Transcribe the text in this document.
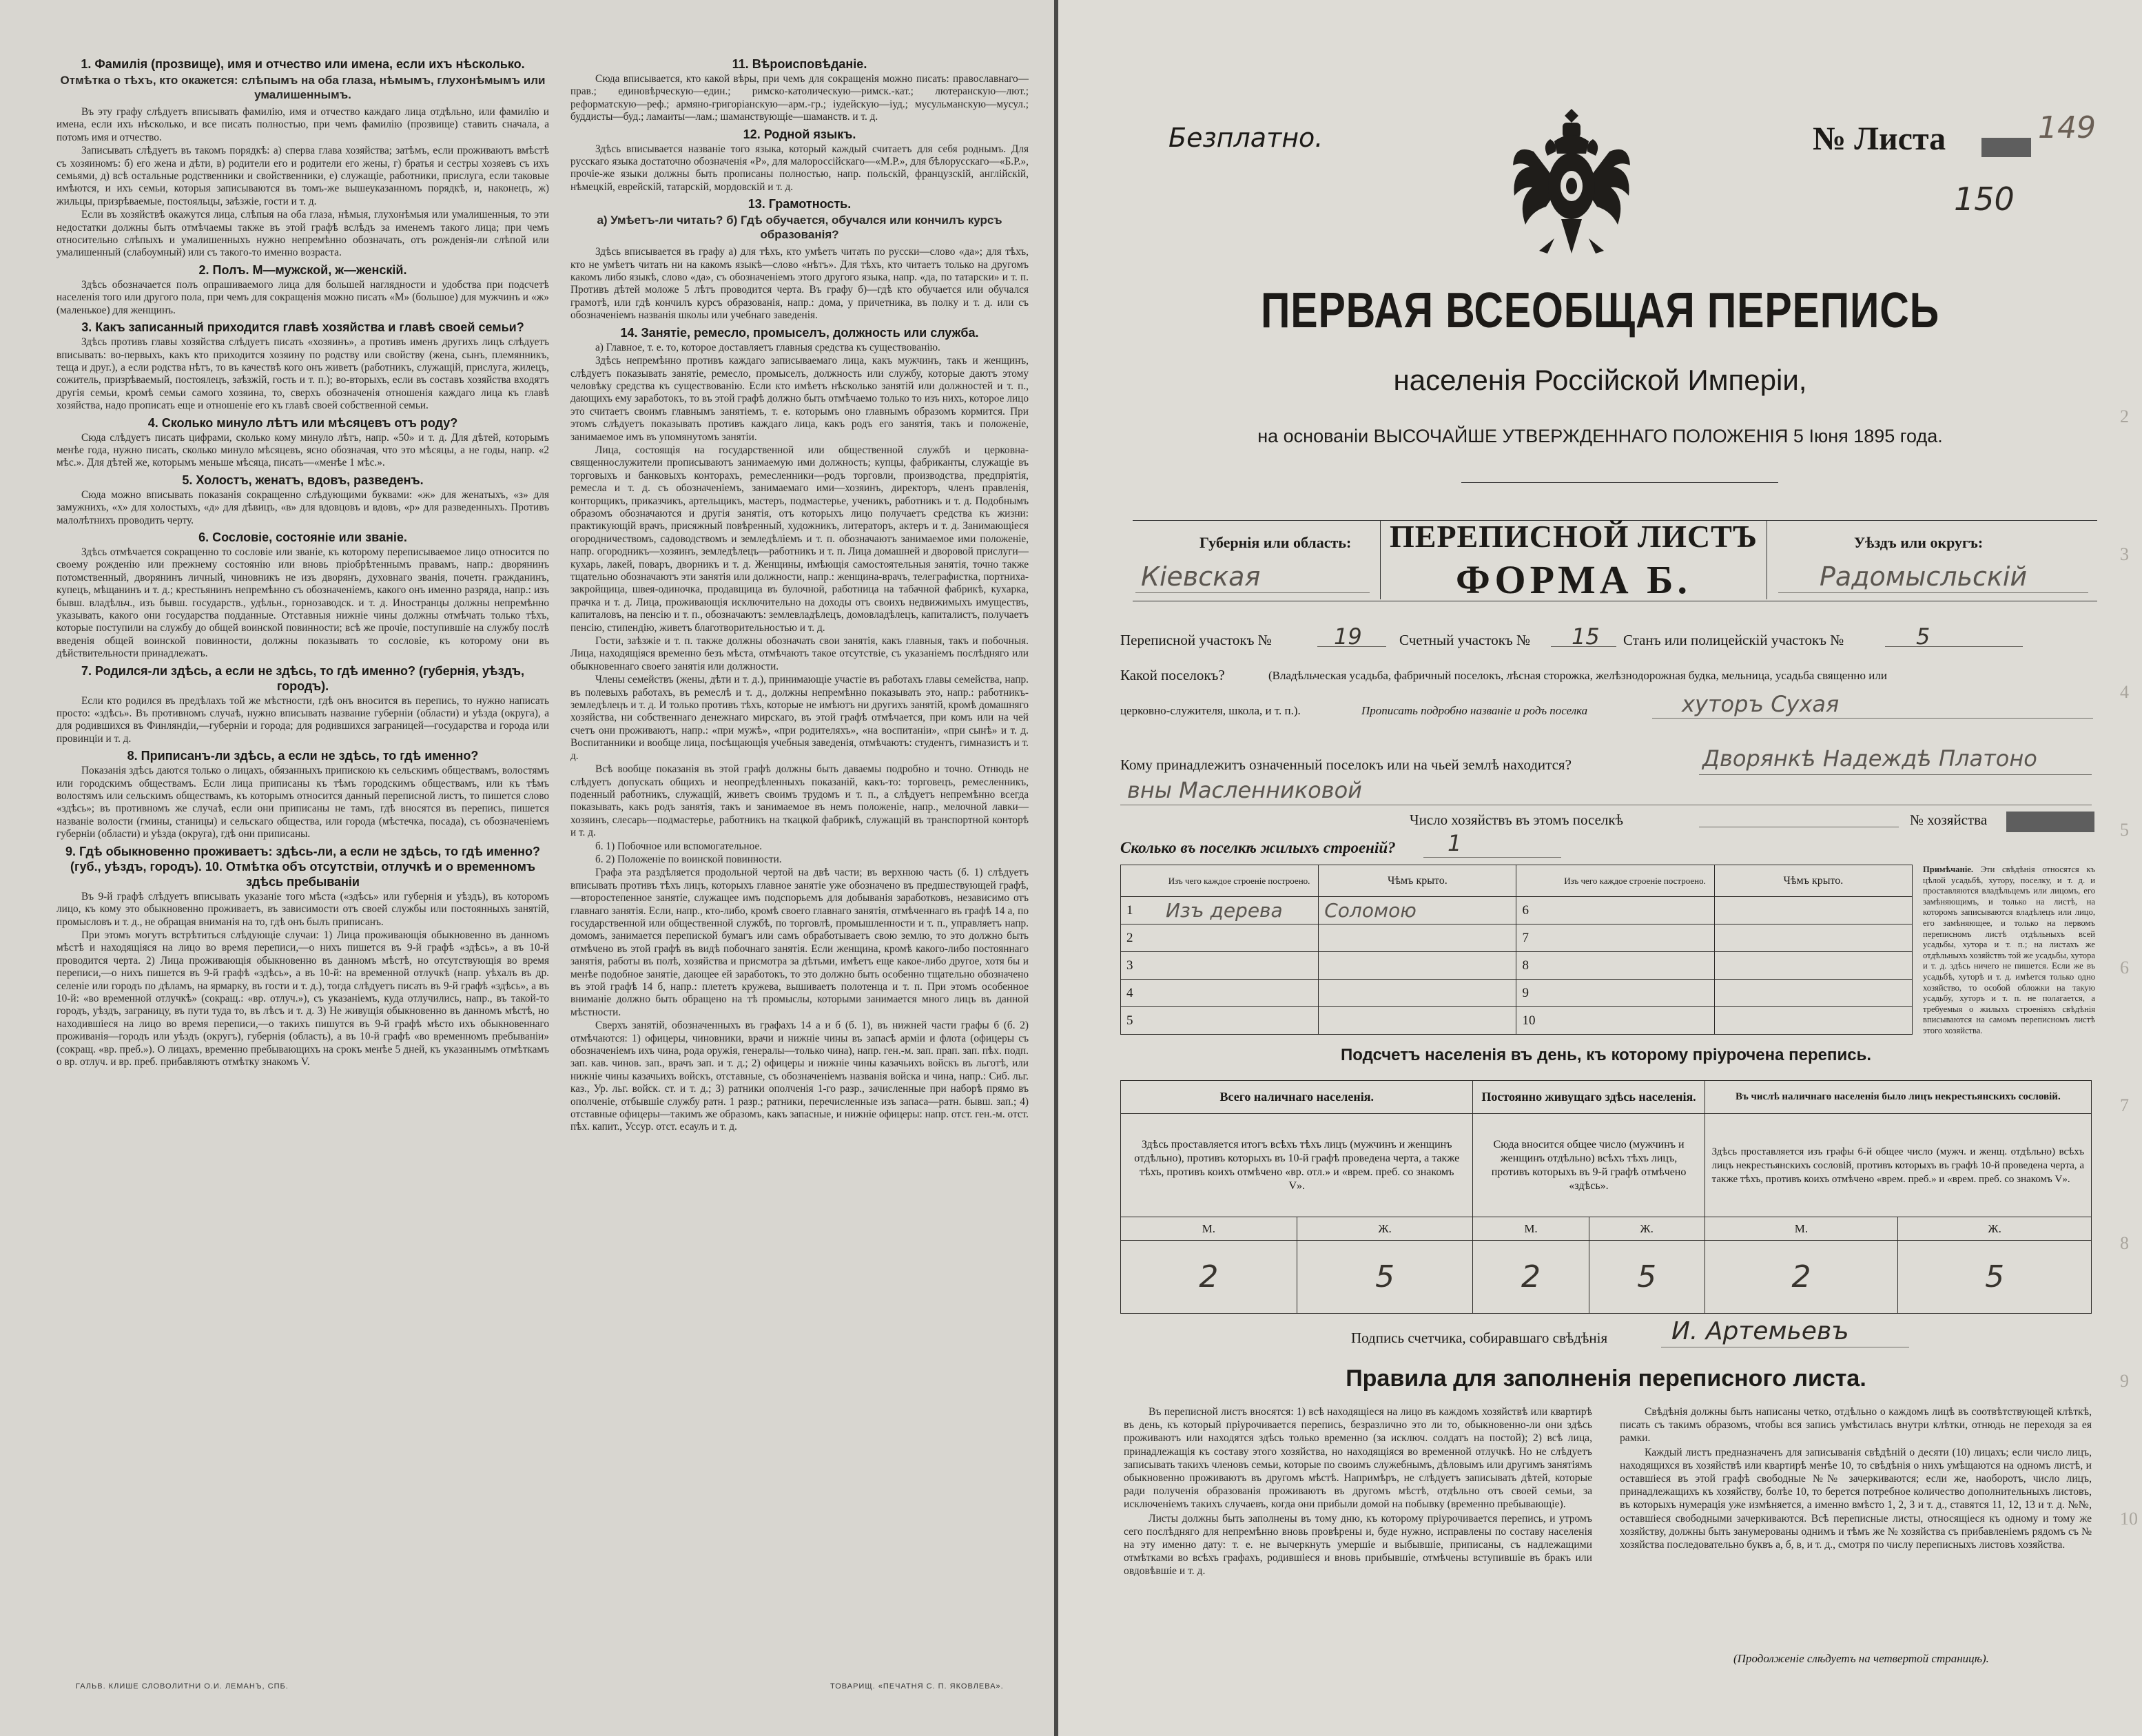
1. Фамилiя (прозвище), имя и отчество или имена, если ихъ нѣсколько.
Отмѣтка о тѣхъ, кто окажется: слѣпымъ на оба глаза, нѣмымъ, глухонѣмымъ или умалишеннымъ.

Въ эту графу слѣдуетъ вписывать фамилiю, имя и отчество каждаго лица отдѣльно, или фамилiю и имена, если ихъ нѣсколько, и все писать полностью, при чемъ фамилiю (прозвище) ставить сначала, а потомъ имя и отчество.

Записывать слѣдуетъ въ такомъ порядкѣ: а) сперва глава хозяйства; затѣмъ, если проживаютъ вмѣстѣ съ хозяиномъ: б) его жена и дѣти, в) родители его и родители его жены, г) братья и сестры хозяевъ съ ихъ семьями, д) всѣ остальные родственники и свойственники, е) служащiе, работники, прислуга, если таковые имѣются, и ихъ семьи, которыя записываются въ томъ-же вышеуказанномъ порядкѣ, и, наконецъ, ж) жильцы, призрѣваемые, постояльцы, заѣзжiе, гости и т. д.

Если въ хозяйствѣ окажутся лица, слѣпыя на оба глаза, нѣмыя, глухонѣмыя или умалишенныя, то эти недостатки должны быть отмѣчаемы также въ этой графѣ вслѣдъ за именемъ такого лица; при чемъ относительно слѣпыхъ и умалишенныхъ нужно непремѣнно обозначать, отъ рожденiя-ли слѣпой или умалишенный (слабоумный) или съ такого-то именно возраста.

2. Полъ. М—мужской, ж—женскiй.

Здѣсь обозначается полъ опрашиваемого лица для большей наглядности и удобства при подсчетѣ населенiя того или другого пола, при чемъ для сокращенiя можно писать «М» (большое) для мужчинъ и «ж» (маленькое) для женщинъ.

3. Какъ записанный приходится главѣ хозяйства и главѣ своей семьи?

Здѣсь противъ главы хозяйства слѣдуетъ писать «хозяинъ», а противъ именъ другихъ лицъ слѣдуетъ вписывать: во-первыхъ, какъ кто приходится хозяину по родству или свойству (жена, сынъ, племянникъ, теща и друг.), а если родства нѣтъ, то въ качествѣ кого онъ живетъ (работникъ, служащiй, прислуга, жилецъ, сожитель, призрѣваемый, постоялецъ, заѣзжiй, гость и т. п.); во-вторыхъ, если въ составъ хозяйства входятъ другiя семьи, кромѣ семьи самого хозяина, то, сверхъ обозначенiя отношенiя каждаго лица къ главѣ хозяйства, надо прописать еще и отношенiе его къ главѣ своей собственной семьи.

4. Сколько минуло лѣтъ или мѣсяцевъ отъ роду?

Сюда слѣдуетъ писать цифрами, сколько кому минуло лѣтъ, напр. «50» и т. д. Для дѣтей, которымъ менѣе года, нужно писать, сколько минуло мѣсяцевъ, ясно обозначая, что это мѣсяцы, а не годы, напр. «2 мѣс.». Для дѣтей же, которымъ меньше мѣсяца, писать—«менѣе 1 мѣс.».

5. Холостъ, женатъ, вдовъ, разведенъ.

Сюда можно вписывать показанiя сокращенно слѣдующими буквами: «ж» для женатыхъ, «з» для замужнихъ, «х» для холостыхъ, «д» для дѣвицъ, «в» для вдовцовъ и вдовъ, «р» для разведенныхъ. Противъ малолѣтнихъ проводить черту.

6. Сословiе, состоянiе или званiе.

Здѣсь отмѣчается сокращенно то сословiе или званiе, къ которому переписываемое лицо относится по своему рожденiю или прежнему состоянiю или вновь прiобрѣтеннымъ правамъ, напр.: дворянинъ потомственный, дворянинъ личный, чиновникъ не изъ дворянъ, духовнаго званiя, почетн. гражданинъ, купецъ, мѣщанинъ и т. д.; крестьянинъ непремѣнно съ обозначенiемъ, какого онъ именно разряда, напр.: изъ бывш. владѣльч., изъ бывш. государств., удѣльн., горнозаводск. и т. д. Иностранцы должны непремѣнно указывать, какого они государства подданные. Отставныя нижнiе чины должны отмѣчать только тѣхъ, которые поступили на службу до общей воинской повинности; всѣ же прочiе, поступившiе на службу послѣ введенiя общей воинской повинности, должны показывать то сословiе, къ которому они въ дѣйствительности принадлежатъ.

7. Родился-ли здѣсь, а если не здѣсь, то гдѣ именно? (губернiя, уѣздъ, городъ).

Если кто родился въ предѣлахъ той же мѣстности, гдѣ онъ вносится въ перепись, то нужно написать просто: «здѣсь». Въ противномъ случаѣ, нужно вписывать название губернiи (области) и уѣзда (округа), а для родившихся въ Финляндiи,—губернiи и города; для родившихся заграницей—государства и города или провинцiи и т. д.

8. Приписанъ-ли здѣсь, а если не здѣсь, то гдѣ именно?

Показанiя здѣсь даются только о лицахъ, обязанныхъ припискою къ сельскимъ обществамъ, волостямъ или городскимъ обществамъ. Если лица приписаны къ тѣмъ городскимъ обществамъ, или къ тѣмъ волостямъ или сельскимъ обществамъ, къ которымъ относится данный переписной листъ, то пишется слово «здѣсь»; въ противномъ же случаѣ, если они приписаны не тамъ, гдѣ вносятся въ перепись, пишется названiе волости (гмины, станицы) и сельскаго общества, или города (мѣстечка, посада), съ обозначенiемъ губернiи (области) и уѣзда (округа), гдѣ они приписаны.

9. Гдѣ обыкновенно проживаетъ: здѣсь-ли, а если не здѣсь, то гдѣ именно? (губ., уѣздъ, городъ). 10. Отмѣтка объ отсутствiи, отлучкѣ и о временномъ здѣсь пребыванiи

Въ 9-й графѣ слѣдуетъ вписывать указанiе того мѣста («здѣсь» или губернiя и уѣздъ), въ которомъ лицо, къ кому это обыкновенно проживаетъ, въ зависимости отъ своей службы или постоянныхъ занятiй, промысловъ и т. д., не обращая вниманiя на то, гдѣ онъ былъ приписанъ.

При этомъ могутъ встрѣтиться слѣдующiе случаи: 1) Лица проживающiя обыкновенно въ данномъ мѣстѣ и находящiяся на лицо во время переписи,—о нихъ пишется въ 9-й графѣ «здѣсь», а въ 10-й проводится черта. 2) Лица проживающiя обыкновенно въ данномъ мѣстѣ, но отсутствующiя во время переписи,—о нихъ пишется въ 9-й графѣ «здѣсь», а въ 10-й: на временной отлучкѣ (напр. уѣхалъ въ др. селенiе или городъ по дѣламъ, на ярмарку, въ гости и т. д.), тогда слѣдуетъ писать въ 9-й графѣ «здѣсь», а въ 10-й: «во временной отлучкѣ» (сокращ.: «вр. отлуч.»), съ указанiемъ, куда отлучились, напр., въ такой-то городъ, уѣздъ, заграницу, въ пути туда то, въ лѣсъ и т. д. 3) Не живущiя обыкновенно въ данномъ мѣстѣ, но находившiеся на лицо во время переписи,—о такихъ пишутся въ 9-й графѣ мѣсто ихъ обыкновеннаго проживанiя—городъ или уѣздъ (округъ), губернiя (область), а въ 10-й графѣ «во временномъ пребыванiи» (сокращ. «вр. преб.»). О лицахъ, временно пребывающихъ на срокъ менѣе 5 дней, къ указаннымъ отмѣткамъ о вр. отлуч. и вр. преб. прибавляютъ отмѣтку знакомъ V.

11. Вѣроисповѣданiе.

Сюда вписывается, кто какой вѣры, при чемъ для сокращенiя можно писать: православнаго—прав.; единовѣрческую—един.; римско-католическую—римск.-кат.; лютеранскую—лют.; реформатскую—реф.; армяно-григорiанскую—арм.-гр.; iудейскую—iуд.; мусульманскую—мусул.; буддисты—буд.; ламаиты—лам.; шаманствующiе—шаманств. и т. д.

12. Родной языкъ.

Здѣсь вписывается названiе того языка, который каждый считаетъ для себя роднымъ. Для русскаго языка достаточно обозначенiя «Р», для малороссiйскаго—«М.Р.», для бѣлорусскаго—«Б.Р.», прочiе-же языки должны быть прописаны полностью, напр. польскiй, французскiй, англiйскiй, нѣмецкiй, еврейскiй, татарскiй, мордовскiй и т. д.

13. Грамотность.
а) Умѣетъ-ли читать? б) Гдѣ обучается, обучался или кончилъ курсъ образованiя?

Здѣсь вписывается въ графу а) для тѣхъ, кто умѣетъ читать по русски—слово «да»; для тѣхъ, кто не умѣетъ читать ни на какомъ языкѣ—слово «нѣтъ». Для тѣхъ, кто читаетъ только на другомъ какомъ либо языкѣ, слово «да», съ обозначенiемъ этого другого языка, напр. «да, по татарски» и т. п. Противъ дѣтей моложе 5 лѣтъ проводится черта. Въ графу б)—гдѣ кто обучается или обучался грамотѣ, или гдѣ кончилъ курсъ образованiя, напр.: дома, у причетника, въ полку и т. д. или съ обозначенiемъ названiя школы или учебнаго заведенiя.

14. Занятiе, ремесло, промыселъ, должность или служба.

а) Главное, т. е. то, которое доставляетъ главныя средства къ существованiю.

Здѣсь непремѣнно противъ каждаго записываемаго лица, какъ мужчинъ, такъ и женщинъ, слѣдуетъ показывать занятiе, ремесло, промыселъ, должность или службу, которые даютъ этому человѣку средства къ существованiю. Если кто имѣетъ нѣсколько занятiй или должностей и т. п., дающихъ ему заработокъ, то въ этой графѣ должно быть отмѣчаемо только то изъ нихъ, которое лицо это считаетъ своимъ главнымъ занятiемъ, т. е. которымъ оно главнымъ образомъ кормится. При этомъ слѣдуетъ показывать противъ каждаго лица, какъ родъ его занятiя, такъ и положенiе, занимаемое имъ въ упомянутомъ занятiи.

Лица, состоящiя на государственной или общественной службѣ и церковна-священнослужители прописываютъ занимаемую ими должность; купцы, фабриканты, служащiе въ торговыхъ и банковыхъ конторахъ, ремесленники—родъ торговли, производства, предпрiятiя, ремесла и т. д. съ обозначенiемъ, занимаемаго ими—хозяинъ, директоръ, членъ правленiя, конторщикъ, приказчикъ, артельщикъ, мастеръ, подмастерье, ученикъ, работникъ и т. д. Подобнымъ образомъ обозначаются и другiя занятiя, отъ которыхъ лицо получаетъ средства къ жизни: практикующiй врачъ, присяжный повѣренный, художникъ, литераторъ, актеръ и т. д. Занимающiеся огородничествомъ, садоводствомъ и земледѣлiемъ и т. п. обозначаютъ занимаемое ими положенiе, напр. огородникъ—хозяинъ, земледѣлецъ—работникъ и т. п. Лица домашней и дворовой прислуги—кухарь, лакей, поваръ, дворникъ и т. д. Женщины, имѣющiя самостоятельныя занятiя, точно также тщательно обозначаютъ эти занятiя или должности, напр.: женщина-врачъ, телеграфистка, портниха-закройщица, швея-одиночка, продавщица въ булочной, работница на табачной фабрикѣ, кухарка, прачка и т. д. Лица, проживающiя исключительно на доходы отъ своихъ недвижимыхъ имуществъ, капиталовъ, на пенсiю и т. п., обозначаютъ: землевладѣлецъ, домовладѣлецъ, капиталистъ, получаетъ пенсiю, стипендiю, живетъ благотворительностью и т. д.

Гости, заѣзжiе и т. п. также должны обозначать свои занятiя, какъ главныя, такъ и побочныя. Лица, находящiяся временно безъ мѣста, отмѣчаютъ такое отсутствiе, съ указанiемъ послѣдняго или обыкновеннаго своего занятiя или должности.

Члены семействъ (жены, дѣти и т. д.), принимающiе участiе въ работахъ главы семейства, напр. въ полевыхъ работахъ, въ ремеслѣ и т. д., должны непремѣнно показывать это, напр.: работникъ-земледѣлецъ и т. д. И только противъ тѣхъ, которые не имѣютъ ни другихъ занятiй, кромѣ домашняго хозяйства, ни собственнаго денежнаго мирскаго, въ этой графѣ отмѣчается, при комъ или на чей счетъ они проживаютъ, напр.: «при мужѣ», «при родителяхъ», «на воспитанiи», «при сынѣ» и т. д. Воспитанники и вообще лица, посѣщающiя учебныя заведенiя, отмѣчаютъ: студентъ, гимназистъ и т. д.

Всѣ вообще показанiя въ этой графѣ должны быть даваемы подробно и точно. Отнюдь не слѣдуетъ допускать общихъ и неопредѣленныхъ показанiй, какъ-то: торговецъ, ремесленникъ, поденный работникъ, служащiй, живетъ своимъ трудомъ и т. п., а слѣдуетъ непремѣнно всегда показывать, какъ родъ занятiя, такъ и занимаемое въ немъ положенiе, напр., мелочной лавки—хозяинъ, слесарь—подмастерье, работникъ на ткацкой фабрикѣ, служащiй въ транспортной конторѣ и т. д.

б. 1) Побочное или вспомогательное.

б. 2) Положенiе по воинской повинности.

Графа эта раздѣляется продольной чертой на двѣ части; въ верхнюю часть (б. 1) слѣдуетъ вписывать противъ тѣхъ лицъ, которыхъ главное занятiе уже обозначено въ предшествующей графѣ,—второстепенное занятiе, служащее имъ подспорьемъ для добыванiя заработковъ, независимо отъ главнаго занятiя. Если, напр., кто-либо, кромѣ своего главнаго занятiя, отмѣченнаго въ графѣ 14 а, по государственной или общественной службѣ, по торговлѣ, промышленности и т. п., управляетъ напр. домомъ, занимается перепиской бумагъ или самъ обработываетъ свою землю, то это должно быть отмѣчено въ этой графѣ въ видѣ побочнаго занятiя. Если женщина, кромѣ какого-либо постояннаго занятiя, работы въ полѣ, хозяйства и присмотра за дѣтьми, имѣетъ еще какое-либо другое, хотя бы и менѣе подобное занятiе, дающее ей заработокъ, то это должно быть особенно тщательно обозначено въ этой графѣ 14 б, напр.: плететъ кружева, вышиваетъ полотенца и т. п. При этомъ особенное вниманiе должно быть обращено на тѣ промыслы, которыми занимается много лицъ въ данной мѣстности.

Сверхъ занятiй, обозначенныхъ въ графахъ 14 а и б (б. 1), въ нижней части графы б (б. 2) отмѣчаются: 1) офицеры, чиновники, врачи и нижнiе чины въ запасѣ армiи и флота (офицеры съ обозначенiемъ ихъ чина, рода оружiя, генералы—только чина), напр. ген.-м. зап. прап. зап. пѣх. подп. зап. кав. чинов. зап., врачъ зап. и т. д.; 2) офицеры и нижнiе чины казачьихъ войскъ въ льготѣ, или нижнiе чины казачьихъ войскъ, отставные, съ обозначенiемъ названiя войска и чина, напр.: Сиб. льг. каз., Ур. льг. войск. ст. и т. д.; 3) ратники ополченiя 1-го разр., зачисленные при наборѣ прямо въ ополченiе, отбывшiе службу ратн. 1 разр.; ратники, перечисленные изъ запаса—ратн. бывш. зап.; 4) отставные офицеры—такимъ же образомъ, какъ запасные, и нижнiе офицеры: напр. отст. ген.-м. отст. пѣх. капит., Уссур. отст. есаулъ и т. д.

ГАЛЬВ. КЛИШЕ СЛОВОЛИТНИ О.И. ЛЕМАНЪ, СПБ.	ТОВАРИЩ. «ПЕЧАТНЯ С. П. ЯКОВЛЕВА».
Безплатно.	№ Листа	149
150
ПЕРВАЯ ВСЕОБЩАЯ ПЕРЕПИСЬ
населенiя Россiйской Имперiи,
на основанiи ВЫСОЧАЙШЕ УТВЕРЖДЕННАГО ПОЛОЖЕНIЯ 5 Iюня 1895 года.
Губернiя или область:
Кiевская
ПЕРЕПИСНОЙ ЛИСТЪ
ФОРМА Б.
Уѣздъ или округъ:
Радомысльскiй
Переписной участокъ №	19	Счетный участокъ № 15 Станъ или полицейскiй участокъ №	5
Какой поселокъ?	(Владѣльческая усадьба, фабричный поселокъ, лѣсная сторожка, желѣзнодорожная будка, мельница, усадьба священно или
церковно-служителя, школа, и т. п.).	Прописать подробно названiе и родъ поселка	хуторъ Сухая
Кому принадлежитъ означенный поселокъ или на чьей землѣ находится?	Дворянкѣ Надеждѣ Платоно
вны Масленниковой
Число хозяйствъ въ этомъ поселкѣ	№ хозяйства
Сколько въ поселкѣ жилыхъ строенiй? 1
	Изъ чего каждое строенiе построено.	Чѣмъ крыто.		Изъ чего каждое строенiе построено.	Чѣмъ крыто.
1	Изъ дерева	Соломою	6		
2			7		
3			8		
4			9		
5			10		
Примѣчанiе. Эти свѣдѣнiя относятся къ цѣлой усадьбѣ, хутору, поселку, и т. д. и проставляются владѣльцемъ или лицомъ, его замѣняющимъ, и только на листѣ, на которомъ записываются владѣлецъ или лицо, его замѣняющее, и только на первомъ переписномъ листѣ отдѣльныхъ всей усадьбы, хутора и т. п.; на листахъ же отдѣльныхъ хозяйствъ той же усадьбы, хутора и т. д. здѣсь ничего не пишется. Если же въ усадьбѣ, хуторѣ и т. д. имѣется только одно хозяйство, то особой обложки на такую усадьбу, хуторъ и т. п. не полагается, а требуемыя о жилыхъ строенiяхъ свѣдѣнiя вписываются на самомъ переписномъ листѣ этого хозяйства.
Подсчетъ населенiя въ день, къ которому прiурочена перепись.
Всего наличнаго населенiя.		Постоянно живущаго здѣсь населенiя.		Въ числѣ наличнаго населенiя было лицъ некрестьянскихъ сословiй.	
Здѣсь проставляется итогъ всѣхъ тѣхъ лицъ (мужчинъ и женщинъ отдѣльно), противъ которыхъ въ 10-й графѣ проведена черта, а также тѣхъ, противъ коихъ отмѣчено «вр. отл.» и «врем. преб. со знакомъ V».		Сюда вносится общее число (мужчинъ и женщинъ отдѣльно) всѣхъ тѣхъ лицъ, противъ которыхъ въ 9-й графѣ отмѣчено «здѣсь».		Здѣсь проставляется изъ графы 6-й общее число (мужч. и женщ. отдѣльно) всѣхъ лицъ некрестьянскихъ сословiй, противъ которыхъ въ графѣ 10-й проведена черта, а также тѣхъ, противъ коихъ отмѣчено «врем. преб.» и «врем. преб. со знакомъ V».	
М.	Ж.	М.	Ж.	М.	Ж.
2	5	2	5	2	5
Подпись счетчика, собиравшаго свѣдѣнiя	И. Артемьевъ
Правила для заполненiя переписного листа.

Въ переписной листъ вносятся: 1) всѣ находящiеся на лицо въ каждомъ хозяйствѣ или квартирѣ въ день, къ который прiурочивается перепись, безразлично это ли то, обыкновенно-ли они здѣсь проживаютъ или находятся здѣсь только временно (за исключ. солдатъ на постой); 2) всѣ лица, принадлежащiя къ составу этого хозяйства, но находящiяся во временной отлучкѣ. Но не слѣдуетъ записывать такихъ членовъ семьи, которые по своимъ служебнымъ, дѣловымъ или другимъ занятiямъ обыкновенно проживаютъ въ другомъ мѣстѣ. Напримѣръ, не слѣдуетъ записывать дѣтей, которые ради полученiя образованiя проживаютъ въ другомъ мѣстѣ, отдѣльно отъ своей семьи, за исключенiемъ такихъ случаевъ, когда они прибыли домой на побывку (временно пребывающiе).

Листы должны быть заполнены въ тому дню, къ которому прiурочивается перепись, и утромъ сего послѣдняго для непремѣнно вновь провѣрены и, буде нужно, исправлены по составу населенiя на эту именно дату: т. е. не вычеркнуть умершiе и выбывшiе, приписаны, съ надлежащими отмѣтками во всѣхъ графахъ, родившiеся и вновь прибывшiе, отмѣчены вступившiе въ бракъ или овдовѣвшiе и т. д.

Свѣдѣнiя должны быть написаны четко, отдѣльно о каждомъ лицѣ въ соотвѣтствующей клѣткѣ, писать съ такимъ образомъ, чтобы вся запись умѣстилась внутри клѣтки, отнюдь не переходя за ея рамки.

Каждый листъ предназначенъ для записыванiя свѣдѣнiй о десяти (10) лицахъ; если число лицъ, находящихся въ хозяйствѣ или квартирѣ менѣе 10, то свѣдѣнiя о нихъ умѣщаются на одномъ листѣ, и оставшiеся въ этой графѣ свободные №№ зачеркиваются; если же, наоборотъ, число лицъ, принадлежащихъ къ хозяйству, болѣе 10, то берется потребное количество дополнительныхъ листовъ, въ которыхъ нумерацiя уже измѣняется, а именно вмѣсто 1, 2, 3 и т. д., ставятся 11, 12, 13 и т. д. №№, оставшiеся свободными зачеркиваются. Всѣ переписные листы, относящiеся къ одному и тому же хозяйству, должны быть занумерованы однимъ и тѣмъ же № хозяйства съ прибавленiемъ рядомъ съ № хозяйства последовательно буквъ а, б, в, и т. д., смотря по числу переписныхъ листовъ хозяйства.

(Продолженiе слѣдуетъ на четвертой страницѣ).
2
3
4
5
6
7
8
9
10
